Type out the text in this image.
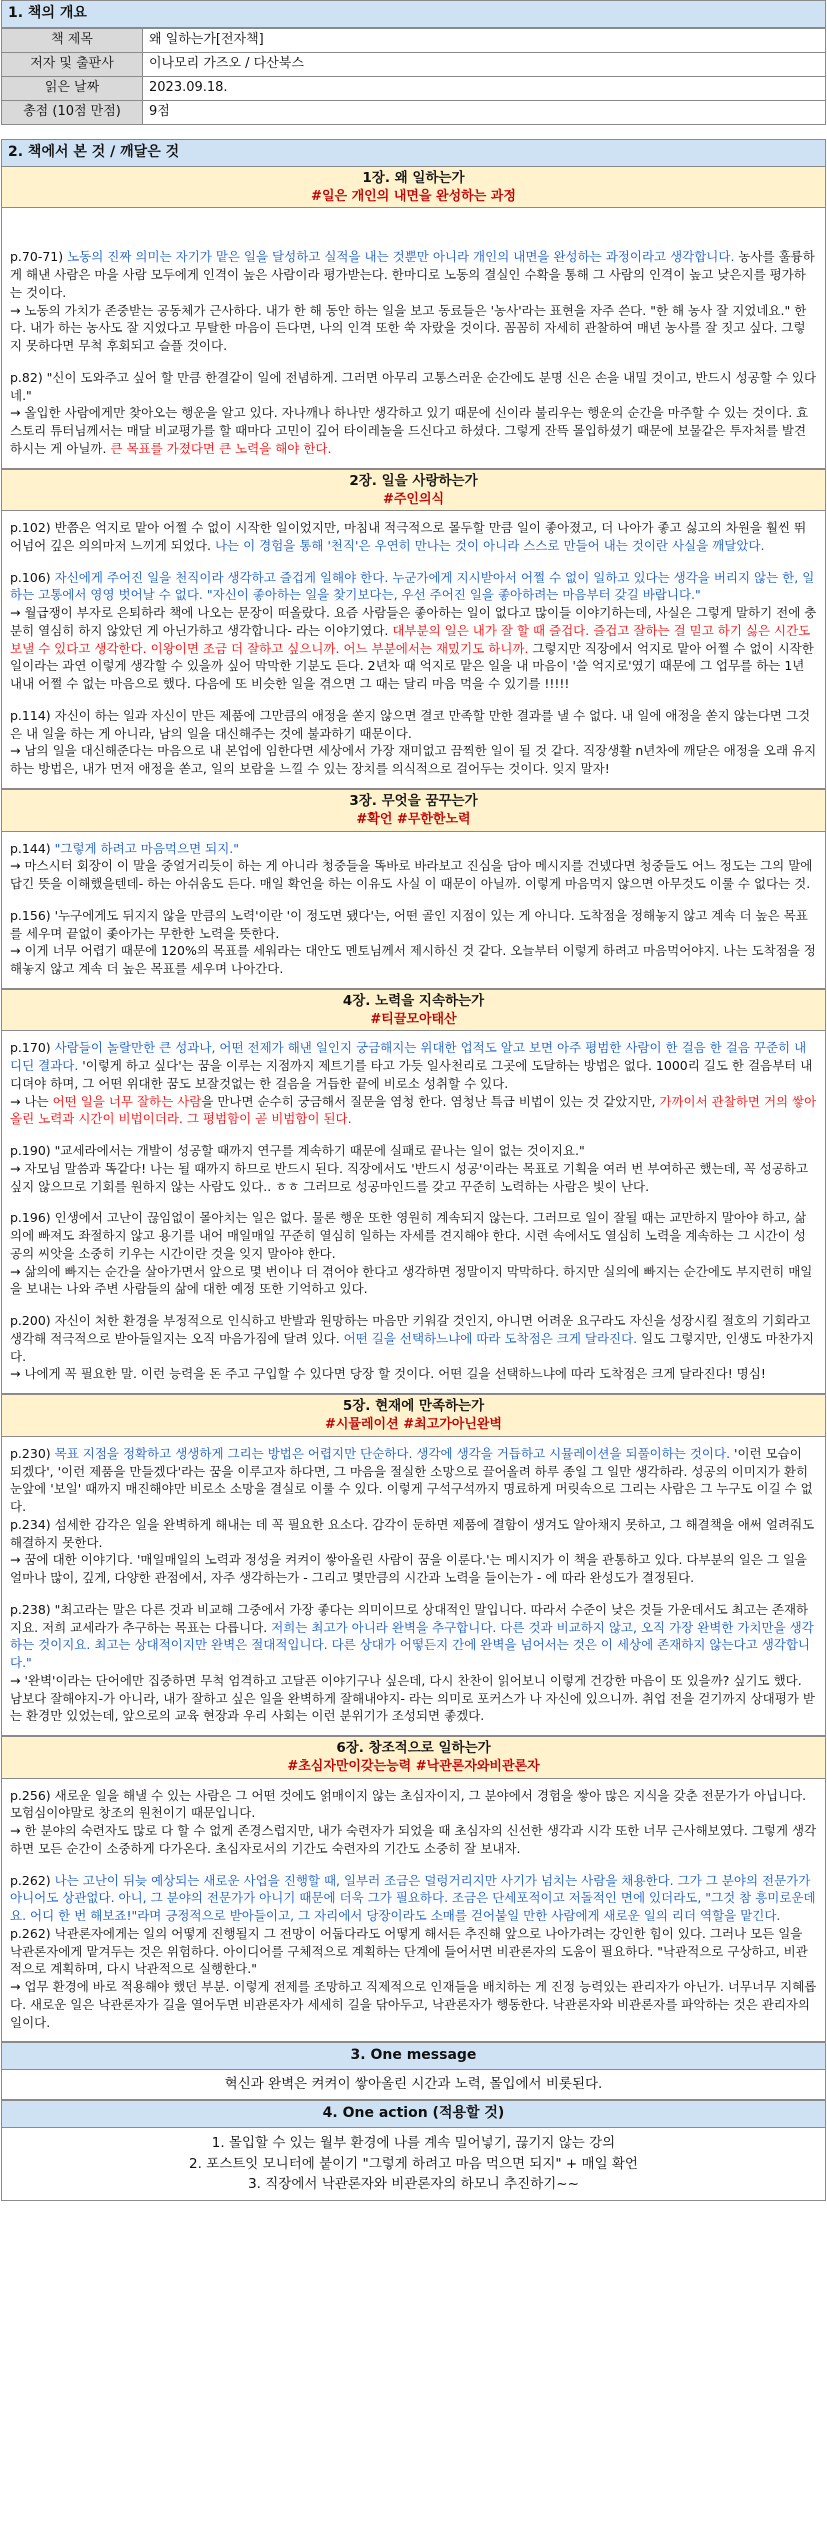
1. 책의 개요
책 제목	왜 일하는가[전자책]
저자 및 출판사	이나모리 가즈오 / 다산북스
읽은 날짜	2023.09.18.
총점 (10점 만점)	9점
2. 책에서 본 것 / 깨달은 것
1장. 왜 일하는가
#일은 개인의 내면을 완성하는 과정
p.70-71) 노동의 진짜 의미는 자기가 맡은 일을 달성하고 실적을 내는 것뿐만 아니라 개인의 내면을 완성하는 과정이라고 생각합니다. 농사를 훌륭하게 해낸 사람은 마을 사람 모두에게 인격이 높은 사람이라 평가받는다. 한마디로 노동의 결실인 수확을 통해 그 사람의 인격이 높고 낮은지를 평가하는 것이다.
→ 노동의 가치가 존중받는 공동체가 근사하다. 내가 한 해 동안 하는 일을 보고 동료들은 '농사'라는 표현을 자주 쓴다. "한 해 농사 잘 지었네요." 한다. 내가 하는 농사도 잘 지었다고 무탈한 마음이 든다면, 나의 인격 또한 쑥 자랐을 것이다. 꼼꼼히 자세히 관찰하여 매년 농사를 잘 짓고 싶다. 그렇지 못하다면 무척 후회되고 슬플 것이다.
p.82) "신이 도와주고 싶어 할 만큼 한결같이 일에 전념하게. 그러면 아무리 고통스러운 순간에도 분명 신은 손을 내밀 것이고, 반드시 성공할 수 있다네."
→ 올입한 사람에게만 찾아오는 행운을 알고 있다. 자나깨나 하나만 생각하고 있기 때문에 신이라 불리우는 행운의 순간을 마주할 수 있는 것이다. 효스토리 튜터님께서는 매달 비교평가를 할 때마다 고민이 깊어 타이레놀을 드신다고 하셨다. 그렇게 잔뜩 몰입하셨기 때문에 보물같은 투자처를 발견하시는 게 아닐까. 큰 목표를 가졌다면 큰 노력을 해야 한다.
2장. 일을 사랑하는가
#주인의식
p.102) 반쯤은 억지로 맡아 어쩔 수 없이 시작한 일이었지만, 마침내 적극적으로 몰두할 만큼 일이 좋아졌고, 더 나아가 좋고 싫고의 차원을 훨씬 뛰어넘어 깊은 의의마저 느끼게 되었다. 나는 이 경험을 통해 '천직'은 우연히 만나는 것이 아니라 스스로 만들어 내는 것이란 사실을 깨달았다.
p.106) 자신에게 주어진 일을 천직이라 생각하고 즐겁게 일해야 한다. 누군가에게 지시받아서 어쩔 수 없이 일하고 있다는 생각을 버리지 않는 한, 일하는 고통에서 영영 벗어날 수 없다. "자신이 좋아하는 일을 찾기보다는, 우선 주어진 일을 좋아하려는 마음부터 갖길 바랍니다."
→ 월급쟁이 부자로 은퇴하라 책에 나오는 문장이 떠올랐다. 요즘 사람들은 좋아하는 일이 없다고 많이들 이야기하는데, 사실은 그렇게 말하기 전에 충분히 열심히 하지 않았던 게 아닌가하고 생각합니다- 라는 이야기였다. 대부분의 일은 내가 잘 할 때 즐겁다. 즐겁고 잘하는 걸 믿고 하기 싫은 시간도 보낼 수 있다고 생각한다. 이왕이면 조금 더 잘하고 싶으니까. 어느 부분에서는 재밌기도 하니까. 그렇지만 직장에서 억지로 맡아 어쩔 수 없이 시작한 일이라는 과연 이렇게 생각할 수 있을까 싶어 막막한 기분도 든다. 2년차 때 억지로 맡은 일을 내 마음이 '쓸 억지로'였기 때문에 그 업무를 하는 1년 내내 어쩔 수 없는 마음으로 했다. 다음에 또 비슷한 일을 겪으면 그 때는 달리 마음 먹을 수 있기를 !!!!!
p.114) 자신이 하는 일과 자신이 만든 제품에 그만큼의 애정을 쏟지 않으면 결코 만족할 만한 결과를 낼 수 없다. 내 일에 애정을 쏟지 않는다면 그것은 내 일을 하는 게 아니라, 남의 일을 대신해주는 것에 불과하기 때문이다.
→ 남의 일을 대신해준다는 마음으로 내 본업에 임한다면 세상에서 가장 재미없고 끔찍한 일이 될 것 같다. 직장생활 n년차에 깨닫은 애정을 오래 유지하는 방법은, 내가 먼저 애정을 쏟고, 일의 보람을 느낄 수 있는 장치를 의식적으로 걸어두는 것이다. 잊지 말자!
3장. 무엇을 꿈꾸는가
#확언 #무한한노력
p.144) "그렇게 하려고 마음먹으면 되지."
→ 마스시터 회장이 이 말을 중얼거리듯이 하는 게 아니라 청중들을 똑바로 바라보고 진심을 담아 메시지를 건넸다면 청중들도 어느 정도는 그의 말에 답긴 뜻을 이해했을텐데- 하는 아쉬움도 든다. 매일 확언을 하는 이유도 사실 이 때문이 아닐까. 이렇게 마음먹지 않으면 아무것도 이룰 수 없다는 것.
p.156) '누구에게도 뒤지지 않을 만큼의 노력'이란 '이 정도면 됐다'는, 어떤 골인 지점이 있는 게 아니다. 도착점을 정해놓지 않고 계속 더 높은 목표를 세우며 끝없이 좇아가는 무한한 노력을 뜻한다.
→ 이게 너무 어렵기 때문에 120%의 목표를 세워라는 대안도 멘토님께서 제시하신 것 같다. 오늘부터 이렇게 하려고 마음먹어야지. 나는 도착점을 정해놓지 않고 계속 더 높은 목표를 세우며 나아간다.
4장. 노력을 지속하는가
#티끌모아태산
p.170) 사람들이 놀랄만한 큰 성과나, 어떤 전제가 해낸 일인지 궁금해지는 위대한 업적도 알고 보면 아주 평범한 사람이 한 걸음 한 걸음 꾸준히 내디딘 결과다. '이렇게 하고 싶다'는 꿈을 이루는 지점까지 제트기를 타고 가듯 일사천리로 그곳에 도달하는 방법은 없다. 1000리 길도 한 걸음부터 내디뎌야 하며, 그 어떤 위대한 꿈도 보잘것없는 한 걸음을 거듭한 끝에 비로소 성취할 수 있다.
→ 나는 어떤 일을 너무 잘하는 사람을 만나면 순수히 궁금해서 질문을 염청 한다. 염청난 특급 비법이 있는 것 같았지만, 가까이서 관찰하면 거의 쌓아올린 노력과 시간이 비법이더라. 그 평범함이 곧 비범함이 된다.
p.190) "교세라에서는 개발이 성공할 때까지 연구를 계속하기 때문에 실패로 끝나는 일이 없는 것이지요."
→ 자모님 말씀과 똑같다! 나는 될 때까지 하므로 반드시 된다. 직장에서도 '반드시 성공'이라는 목표로 기획을 여러 번 부여하곤 했는데, 꼭 성공하고 싶지 않으므로 기회를 원하지 않는 사람도 있다.. ㅎㅎ 그러므로 성공마인드를 갖고 꾸준히 노력하는 사람은 빛이 난다.
p.196) 인생에서 고난이 끊임없이 몰아치는 일은 없다. 물론 행운 또한 영원히 계속되지 않는다. 그러므로 일이 잘될 때는 교만하지 말아야 하고, 삶의에 빠져도 좌절하지 않고 용기를 내어 매일매일 꾸준히 열심히 일하는 자세를 견지해야 한다. 시련 속에서도 열심히 노력을 계속하는 그 시간이 성공의 씨앗을 소중히 키우는 시간이란 것을 잊지 말아야 한다.
→ 삶의에 빠지는 순간을 살아가면서 앞으로 몇 번이나 더 겪어야 한다고 생각하면 정말이지 막막하다. 하지만 실의에 빠지는 순간에도 부지런히 매일을 보내는 나와 주변 사람들의 삶에 대한 예정 또한 기억하고 있다.
p.200) 자신이 처한 환경을 부정적으로 인식하고 반발과 원망하는 마음만 키워갈 것인지, 아니면 어려운 요구라도 자신을 성장시킬 절호의 기회라고 생각해 적극적으로 받아들일지는 오직 마음가짐에 달려 있다. 어떤 길을 선택하느냐에 따라 도착점은 크게 달라진다. 일도 그렇지만, 인생도 마찬가지다.
→ 나에게 꼭 필요한 말. 이런 능력을 돈 주고 구입할 수 있다면 당장 할 것이다. 어떤 길을 선택하느냐에 따라 도착점은 크게 달라진다! 명심!
5장. 현재에 만족하는가
#시뮬레이션 #최고가아닌완벽
p.230) 목표 지점을 정확하고 생생하게 그리는 방법은 어렵지만 단순하다. 생각에 생각을 거듭하고 시뮬레이션을 되풀이하는 것이다. '이런 모습이 되겠다', '이런 제품을 만들겠다'라는 꿈을 이루고자 하다면, 그 마음을 절실한 소망으로 끌어올려 하루 종일 그 일만 생각하라. 성공의 이미지가 환히 눈앞에 '보일' 때까지 매진해야만 비로소 소망을 결실로 이룰 수 있다. 이렇게 구석구석까지 명료하게 머릿속으로 그리는 사람은 그 누구도 이길 수 없다.
p.234) 섬세한 감각은 일을 완벽하게 해내는 데 꼭 필요한 요소다. 감각이 둔하면 제품에 결함이 생겨도 알아채지 못하고, 그 해결책을 애써 얼려줘도 해결하지 못한다.
→ 꿈에 대한 이야기다. '매일매일의 노력과 정성을 켜켜이 쌓아올린 사람이 꿈을 이룬다.'는 메시지가 이 책을 관통하고 있다. 다부분의 일은 그 일을 얼마나 많이, 깊게, 다양한 관점에서, 자주 생각하는가 - 그리고 몇만큼의 시간과 노력을 들이는가 - 에 따라 완성도가 결정된다.
p.238) "최고라는 말은 다른 것과 비교해 그중에서 가장 좋다는 의미이므로 상대적인 말입니다. 따라서 수준이 낮은 것들 가운데서도 최고는 존재하지요. 저희 교세라가 추구하는 목표는 다릅니다. 저희는 최고가 아니라 완벽을 추구합니다. 다른 것과 비교하지 않고, 오직 가장 완벽한 가치만을 생각하는 것이지요. 최고는 상대적이지만 완벽은 절대적입니다. 다른 상대가 어떻든지 간에 완벽을 넘어서는 것은 이 세상에 존재하지 않는다고 생각합니다."
→ '완벽'이라는 단어에만 집중하면 무척 엄격하고 고달픈 이야기구나 싶은데, 다시 찬찬이 읽어보니 이렇게 건강한 마음이 또 있을까? 싶기도 했다. 남보다 잘해야지-가 아니라, 내가 잘하고 싶은 일을 완벽하게 잘해내야지- 라는 의미로 포커스가 나 자신에 있으니까. 취업 전을 걷기까지 상대평가 받는 환경만 있었는데, 앞으로의 교육 현장과 우리 사회는 이런 분위기가 조성되면 좋겠다.
6장. 창조적으로 일하는가
#초심자만이갖는능력 #낙관론자와비관론자
p.256) 새로운 일을 해낼 수 있는 사람은 그 어떤 것에도 얽매이지 않는 초심자이지, 그 분야에서 경험을 쌓아 많은 지식을 갖춘 전문가가 아닙니다. 모험심이야말로 창조의 원천이기 때문입니다.
→ 한 분야의 숙련자도 많로 다 할 수 없게 존경스럽지만, 내가 숙련자가 되었을 때 초심자의 신선한 생각과 시각 또한 너무 근사해보였다. 그렇게 생각하면 모든 순간이 소중하게 다가온다. 초심자로서의 기간도 숙련자의 기간도 소중히 잘 보내자.
p.262) 나는 고난이 뒤늦 예상되는 새로운 사업을 진행할 때, 일부러 조금은 덜렁거리지만 사기가 넘치는 사람을 채용한다. 그가 그 분야의 전문가가 아니어도 상관없다. 아니, 그 분야의 전문가가 아니기 때문에 더욱 그가 필요하다. 조금은 단세포적이고 저돌적인 면에 있더라도, "그것 참 흥미로운데요. 어디 한 번 해보죠!"라며 긍정적으로 받아들이고, 그 자리에서 당장이라도 소매를 걷어붙일 만한 사람에게 새로운 일의 리더 역할을 맡긴다.
p.262) 낙관론자에게는 일의 어떻게 진행될지 그 전망이 어둡다라도 어떻게 해서든 추진해 앞으로 나아가려는 강인한 힘이 있다. 그러나 모든 일을 낙관론자에게 맡겨두는 것은 위험하다. 아이디어를 구체적으로 계획하는 단계에 들어서면 비관론자의 도움이 필요하다. "낙관적으로 구상하고, 비관적으로 계획하며, 다시 낙관적으로 실행한다."
→ 업무 환경에 바로 적용해야 했던 부분. 이렇게 전제를 조망하고 직제적으로 인재들을 배치하는 게 진정 능력있는 관리자가 아닌가. 너무너무 지혜롭다. 새로운 일은 낙관론자가 길을 열어두면 비관론자가 세세히 길을 닦아두고, 낙관론자가 행동한다. 낙관론자와 비관론자를 파악하는 것은 관리자의 일이다.
3. One message
혁신과 완벽은 켜켜이 쌓아올린 시간과 노력, 몰입에서 비롯된다.
4. One action (적용할 것)
1. 몰입할 수 있는 월부 환경에 나를 계속 밀어넣기, 끊기지 않는 강의
2. 포스트잇 모니터에 붙이기 "그렇게 하려고 마음 먹으면 되지" + 매일 확언
3. 직장에서 낙관론자와 비관론자의 하모니 추진하기~~
